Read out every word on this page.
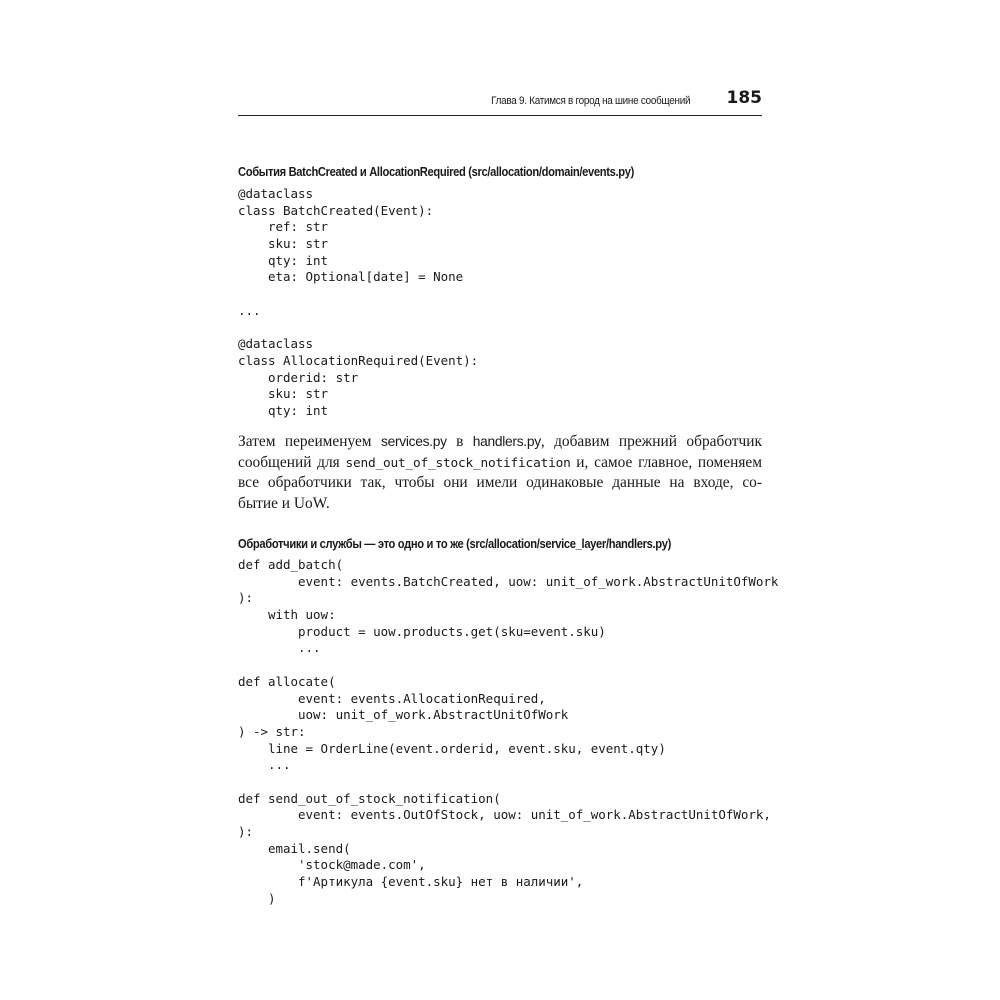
Глава 9. Катимся в город на шине сообщений 185
События BatchCreated и AllocationRequired (src/allocation/domain/events.py)
@dataclass
class BatchCreated(Event):
ref: str
sku: str
qty: int
eta: Optional[date] = None
...
@dataclass
class AllocationRequired(Event):
orderid: str
sku: str
qty: int
Затем переименуем services.py в handlers.py, добавим прежний обработчик
сообщений для send_out_of_stock_notification и, самое главное, поменяем
все обработчики так, чтобы они имели одинаковые данные на входе, со-
бытие и UoW.
Обработчики и службы — это одно и то же (src/allocation/service_layer/handlers.py)
def add_batch(
event: events.BatchCreated, uow: unit_of_work.AbstractUnitOfWork
):
with uow:
product = uow.products.get(sku=event.sku)
...
def allocate(
event: events.AllocationRequired,
uow: unit_of_work.AbstractUnitOfWork
) -> str:
line = OrderLine(event.orderid, event.sku, event.qty)
...
def send_out_of_stock_notification(
event: events.OutOfStock, uow: unit_of_work.AbstractUnitOfWork,
):
email.send(
'stock@made.com',
f'Артикула {event.sku} нет в наличии',
)
